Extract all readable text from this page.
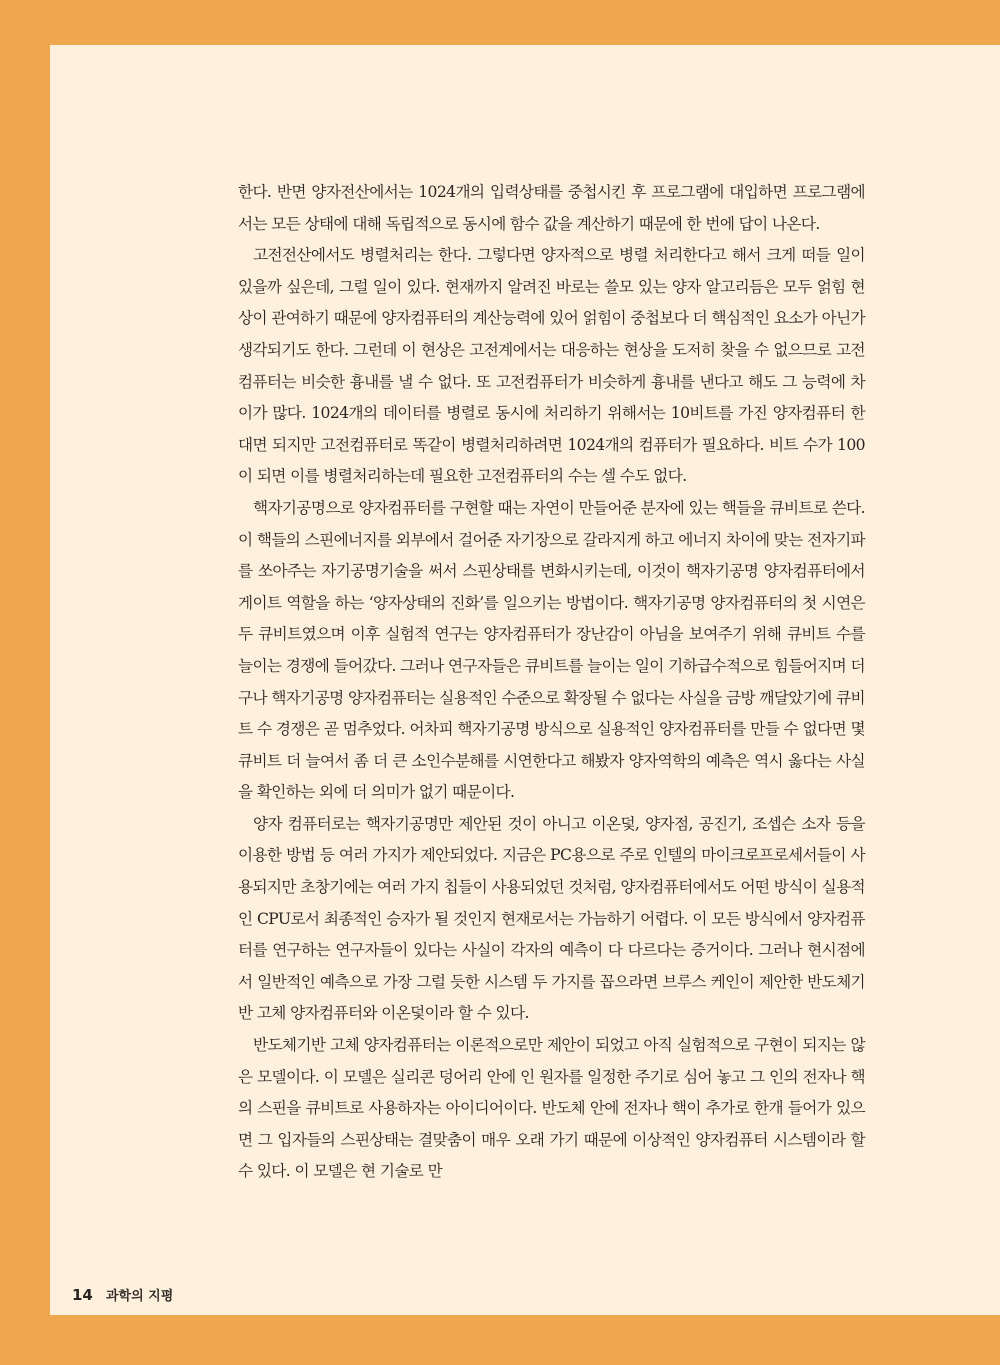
한다. 반면 양자전산에서는 1024개의 입력상태를 중첩시킨 후 프로그램에 대입하면 프로그램에서는 모든 상태에 대해 독립적으로 동시에 함수 값을 계산하기 때문에 한 번에 답이 나온다.

고전전산에서도 병렬처리는 한다. 그렇다면 양자적으로 병렬 처리한다고 해서 크게 떠들 일이 있을까 싶은데, 그럴 일이 있다. 현재까지 알려진 바로는 쓸모 있는 양자 알고리듬은 모두 얽힘 현상이 관여하기 때문에 양자컴퓨터의 계산능력에 있어 얽힘이 중첩보다 더 핵심적인 요소가 아닌가 생각되기도 한다. 그런데 이 현상은 고전계에서는 대응하는 현상을 도저히 찾을 수 없으므로 고전컴퓨터는 비슷한 흉내를 낼 수 없다. 또 고전컴퓨터가 비슷하게 흉내를 낸다고 해도 그 능력에 차이가 많다. 1024개의 데이터를 병렬로 동시에 처리하기 위해서는 10비트를 가진 양자컴퓨터 한 대면 되지만 고전컴퓨터로 똑같이 병렬처리하려면 1024개의 컴퓨터가 필요하다. 비트 수가 100이 되면 이를 병렬처리하는데 필요한 고전컴퓨터의 수는 셀 수도 없다.

핵자기공명으로 양자컴퓨터를 구현할 때는 자연이 만들어준 분자에 있는 핵들을 큐비트로 쓴다. 이 핵들의 스핀에너지를 외부에서 걸어준 자기장으로 갈라지게 하고 에너지 차이에 맞는 전자기파를 쏘아주는 자기공명기술을 써서 스핀상태를 변화시키는데, 이것이 핵자기공명 양자컴퓨터에서 게이트 역할을 하는 ‘양자상태의 진화’를 일으키는 방법이다. 핵자기공명 양자컴퓨터의 첫 시연은 두 큐비트였으며 이후 실험적 연구는 양자컴퓨터가 장난감이 아님을 보여주기 위해 큐비트 수를 늘이는 경쟁에 들어갔다. 그러나 연구자들은 큐비트를 늘이는 일이 기하급수적으로 힘들어지며 더구나 핵자기공명 양자컴퓨터는 실용적인 수준으로 확장될 수 없다는 사실을 금방 깨달았기에 큐비트 수 경쟁은 곧 멈추었다. 어차피 핵자기공명 방식으로 실용적인 양자컴퓨터를 만들 수 없다면 몇 큐비트 더 늘여서 좀 더 큰 소인수분해를 시연한다고 해봤자 양자역학의 예측은 역시 옳다는 사실을 확인하는 외에 더 의미가 없기 때문이다.

양자 컴퓨터로는 핵자기공명만 제안된 것이 아니고 이온덫, 양자점, 공진기, 조셉슨 소자 등을 이용한 방법 등 여러 가지가 제안되었다. 지금은 PC용으로 주로 인텔의 마이크로프로세서들이 사용되지만 초창기에는 여러 가지 칩들이 사용되었던 것처럼, 양자컴퓨터에서도 어떤 방식이 실용적인 CPU로서 최종적인 승자가 될 것인지 현재로서는 가늠하기 어렵다. 이 모든 방식에서 양자컴퓨터를 연구하는 연구자들이 있다는 사실이 각자의 예측이 다 다르다는 증거이다. 그러나 현시점에서 일반적인 예측으로 가장 그럴 듯한 시스템 두 가지를 꼽으라면 브루스 케인이 제안한 반도체기반 고체 양자컴퓨터와 이온덫이라 할 수 있다.

반도체기반 고체 양자컴퓨터는 이론적으로만 제안이 되었고 아직 실험적으로 구현이 되지는 않은 모델이다. 이 모델은 실리콘 덩어리 안에 인 원자를 일정한 주기로 심어 놓고 그 인의 전자나 핵의 스핀을 큐비트로 사용하자는 아이디어이다. 반도체 안에 전자나 핵이 추가로 한개 들어가 있으면 그 입자들의 스핀상태는 결맞춤이 매우 오래 가기 때문에 이상적인 양자컴퓨터 시스템이라 할 수 있다. 이 모델은 현 기술로 만

14 과학의 지평
